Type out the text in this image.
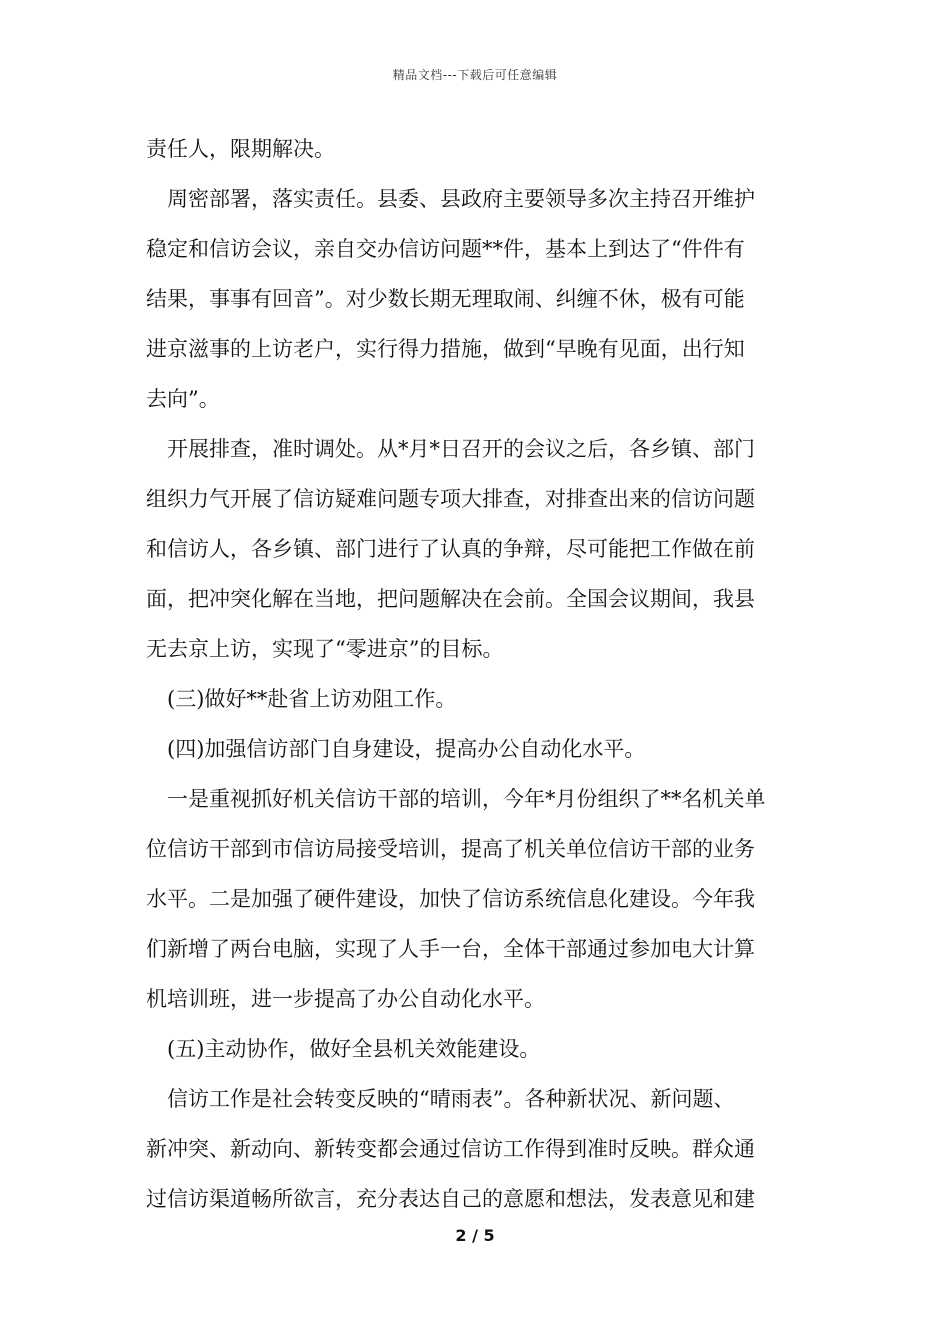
精品文档---下载后可任意编辑
责任人，限期解决。
周密部署，落实责任。县委、县政府主要领导多次主持召开维护
稳定和信访会议，亲自交办信访问题**件，基本上到达了“件件有
结果，事事有回音”。对少数长期无理取闹、纠缠不休，极有可能
进京滋事的上访老户，实行得力措施，做到“早晚有见面，出行知
去向”。
开展排查，准时调处。从*月*日召开的会议之后，各乡镇、部门
组织力气开展了信访疑难问题专项大排查，对排查出来的信访问题
和信访人，各乡镇、部门进行了认真的争辩，尽可能把工作做在前
面，把冲突化解在当地，把问题解决在会前。全国会议期间，我县
无去京上访，实现了“零进京”的目标。
(三)做好**赴省上访劝阻工作。
(四)加强信访部门自身建设，提高办公自动化水平。
一是重视抓好机关信访干部的培训，今年*月份组织了**名机关单
位信访干部到市信访局接受培训，提高了机关单位信访干部的业务
水平。二是加强了硬件建设，加快了信访系统信息化建设。今年我
们新增了两台电脑，实现了人手一台，全体干部通过参加电大计算
机培训班，进一步提高了办公自动化水平。
(五)主动协作，做好全县机关效能建设。
信访工作是社会转变反映的“晴雨表”。各种新状况、新问题、
新冲突、新动向、新转变都会通过信访工作得到准时反映。群众通
过信访渠道畅所欲言，充分表达自己的意愿和想法，发表意见和建
2 / 5
